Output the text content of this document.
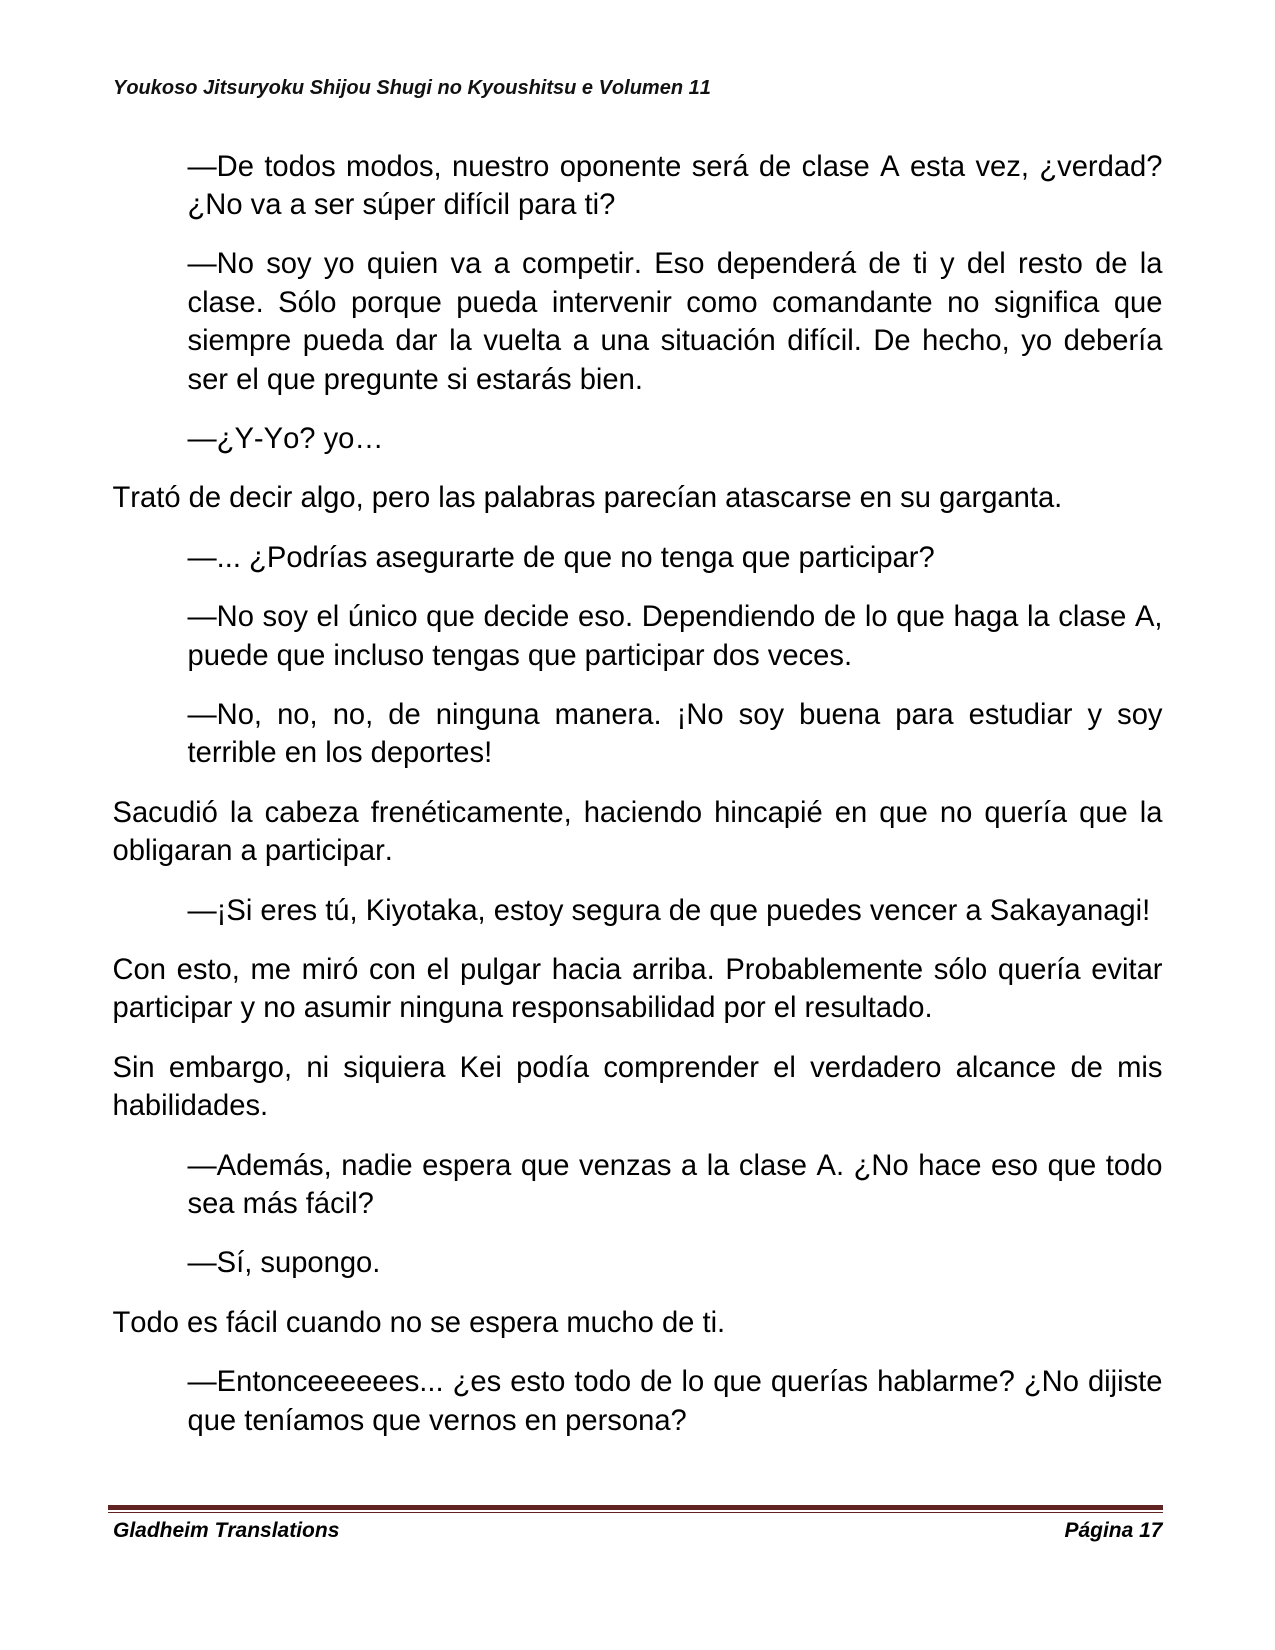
Youkoso Jitsuryoku Shijou Shugi no Kyoushitsu e Volumen 11

—De todos modos, nuestro oponente será de clase A esta vez, ¿verdad? ¿No va a ser súper difícil para ti?

—No soy yo quien va a competir. Eso dependerá de ti y del resto de la clase. Sólo porque pueda intervenir como comandante no significa que siempre pueda dar la vuelta a una situación difícil. De hecho, yo debería ser el que pregunte si estarás bien.

—¿Y-Yo? yo…

Trató de decir algo, pero las palabras parecían atascarse en su garganta.

—... ¿Podrías asegurarte de que no tenga que participar?

—No soy el único que decide eso. Dependiendo de lo que haga la clase A, puede que incluso tengas que participar dos veces.

—No, no, no, de ninguna manera. ¡No soy buena para estudiar y soy terrible en los deportes!

Sacudió la cabeza frenéticamente, haciendo hincapié en que no quería que la obligaran a participar.

—¡Si eres tú, Kiyotaka, estoy segura de que puedes vencer a Sakayanagi!

Con esto, me miró con el pulgar hacia arriba. Probablemente sólo quería evitar participar y no asumir ninguna responsabilidad por el resultado.

Sin embargo, ni siquiera Kei podía comprender el verdadero alcance de mis habilidades.

—Además, nadie espera que venzas a la clase A. ¿No hace eso que todo sea más fácil?

—Sí, supongo.

Todo es fácil cuando no se espera mucho de ti.

—Entonceeeeees... ¿es esto todo de lo que querías hablarme? ¿No dijiste que teníamos que vernos en persona?

Gladheim Translations	Página 17
